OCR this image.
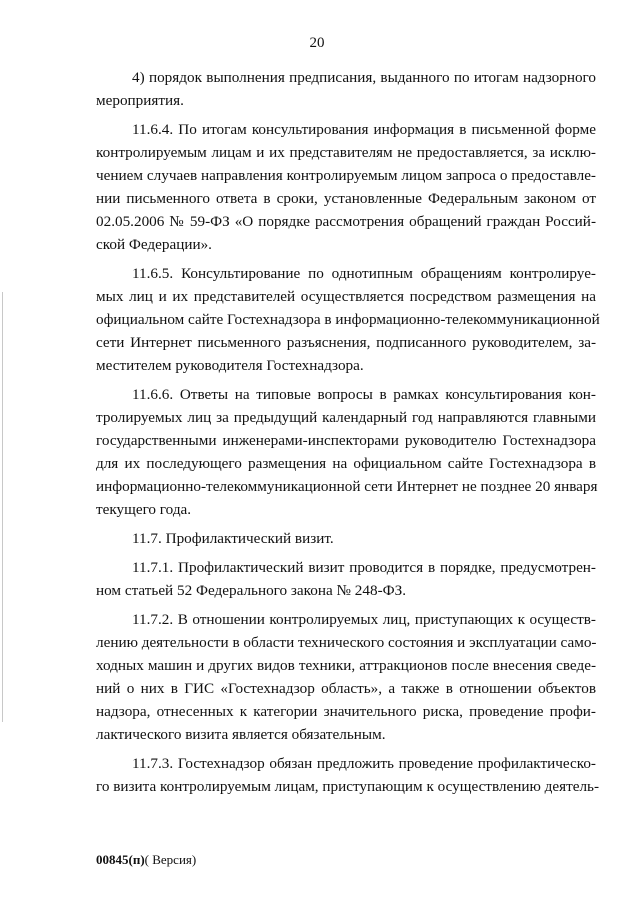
20
4) порядок выполнения предписания, выданного по итогам надзорного
мероприятия.
11.6.4. По итогам консультирования информация в письменной форме
контролируемым лицам и их представителям не предоставляется, за исклю-
чением случаев направления контролируемым лицом запроса о предоставле-
нии письменного ответа в сроки, установленные Федеральным законом от
02.05.2006 № 59-ФЗ «О порядке рассмотрения обращений граждан Россий-
ской Федерации».
11.6.5. Консультирование по однотипным обращениям контролируе-
мых лиц и их представителей осуществляется посредством размещения на
официальном сайте Гостехнадзора в информационно-телекоммуникационной
сети Интернет письменного разъяснения, подписанного руководителем, за-
местителем руководителя Гостехнадзора.
11.6.6. Ответы на типовые вопросы в рамках консультирования кон-
тролируемых лиц за предыдущий календарный год направляются главными
государственными инженерами-инспекторами руководителю Гостехнадзора
для их последующего размещения на официальном сайте Гостехнадзора в
информационно-телекоммуникационной сети Интернет не позднее 20 января
текущего года.
11.7. Профилактический визит.
11.7.1. Профилактический визит проводится в порядке, предусмотрен-
ном статьей 52 Федерального закона № 248-ФЗ.
11.7.2. В отношении контролируемых лиц, приступающих к осуществ-
лению деятельности в области технического состояния и эксплуатации само-
ходных машин и других видов техники, аттракционов после внесения сведе-
ний о них в ГИС «Гостехнадзор область», а также в отношении объектов
надзора, отнесенных к категории значительного риска, проведение профи-
лактического визита является обязательным.
11.7.3. Гостехнадзор обязан предложить проведение профилактическо-
го визита контролируемым лицам, приступающим к осуществлению деятель-
00845(п)( Версия)
